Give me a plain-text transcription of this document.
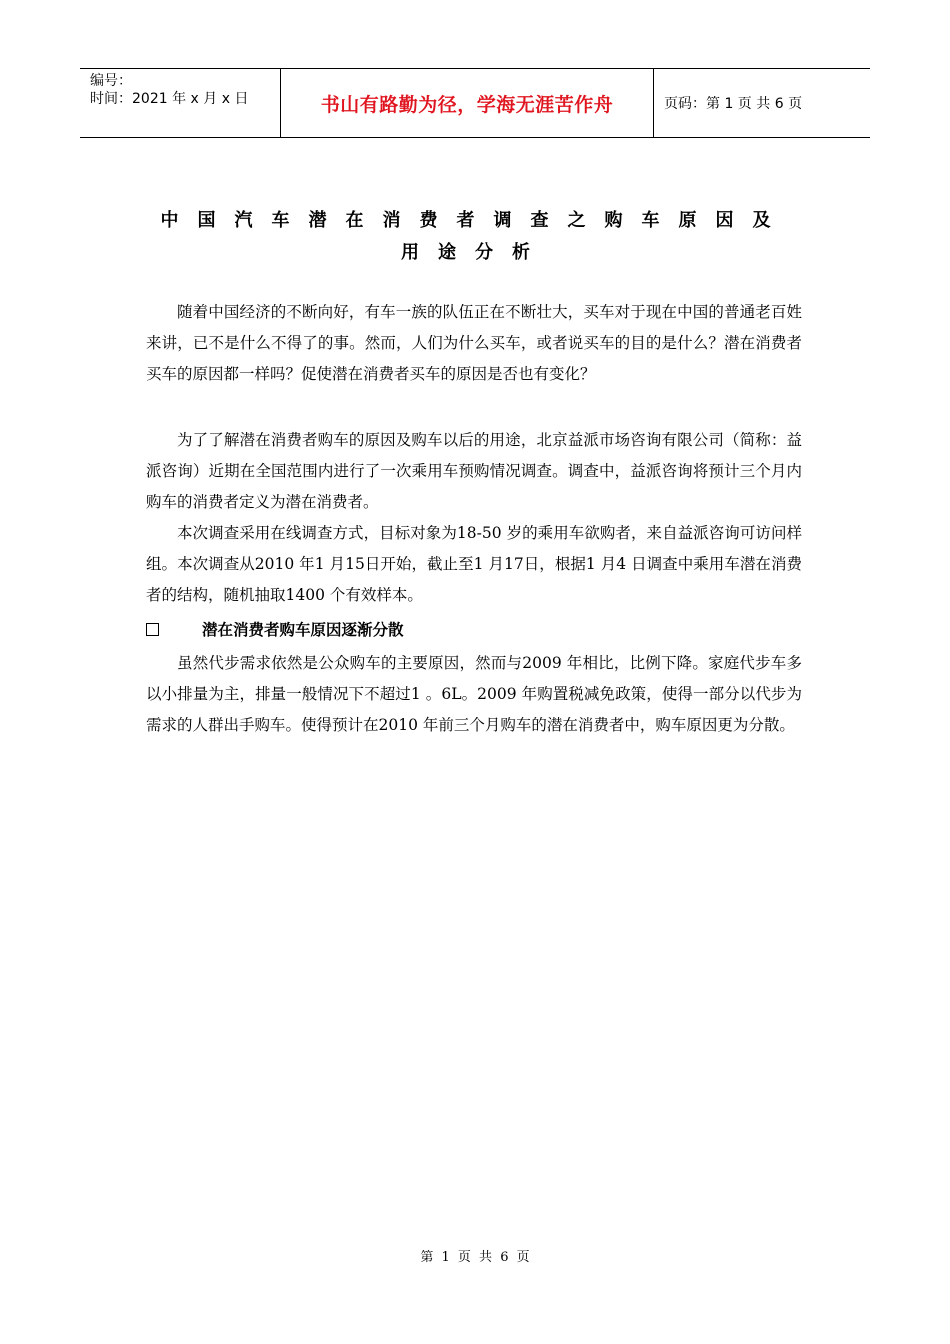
编号：
时间：2021 年 x 月 x 日	书山有路勤为径，学海无涯苦作舟	页码：第 1 页 共 6 页
中国汽车潜在消费者调查之购车原因及
用途分析

随着中国经济的不断向好，有车一族的队伍正在不断壮大，买车对于现在中国的普通老百姓来讲，已不是什么不得了的事。然而，人们为什么买车，或者说买车的目的是什么？潜在消费者买车的原因都一样吗？促使潜在消费者买车的原因是否也有变化？

为了了解潜在消费者购车的原因及购车以后的用途，北京益派市场咨询有限公司（简称：益派咨询）近期在全国范围内进行了一次乘用车预购情况调查。调查中，益派咨询将预计三个月内购车的消费者定义为潜在消费者。

本次调查采用在线调查方式，目标对象为18-50 岁的乘用车欲购者，来自益派咨询可访问样组。本次调查从2010 年1 月15日开始，截止至1 月17日，根据1 月4 日调查中乘用车潜在消费者的结构，随机抽取1400 个有效样本。

潜在消费者购车原因逐渐分散

虽然代步需求依然是公众购车的主要原因，然而与2009 年相比，比例下降。家庭代步车多以小排量为主，排量一般情况下不超过1 。6L。2009 年购置税减免政策，使得一部分以代步为需求的人群出手购车。使得预计在2010 年前三个月购车的潜在消费者中，购车原因更为分散。

第 1 页 共 6 页
